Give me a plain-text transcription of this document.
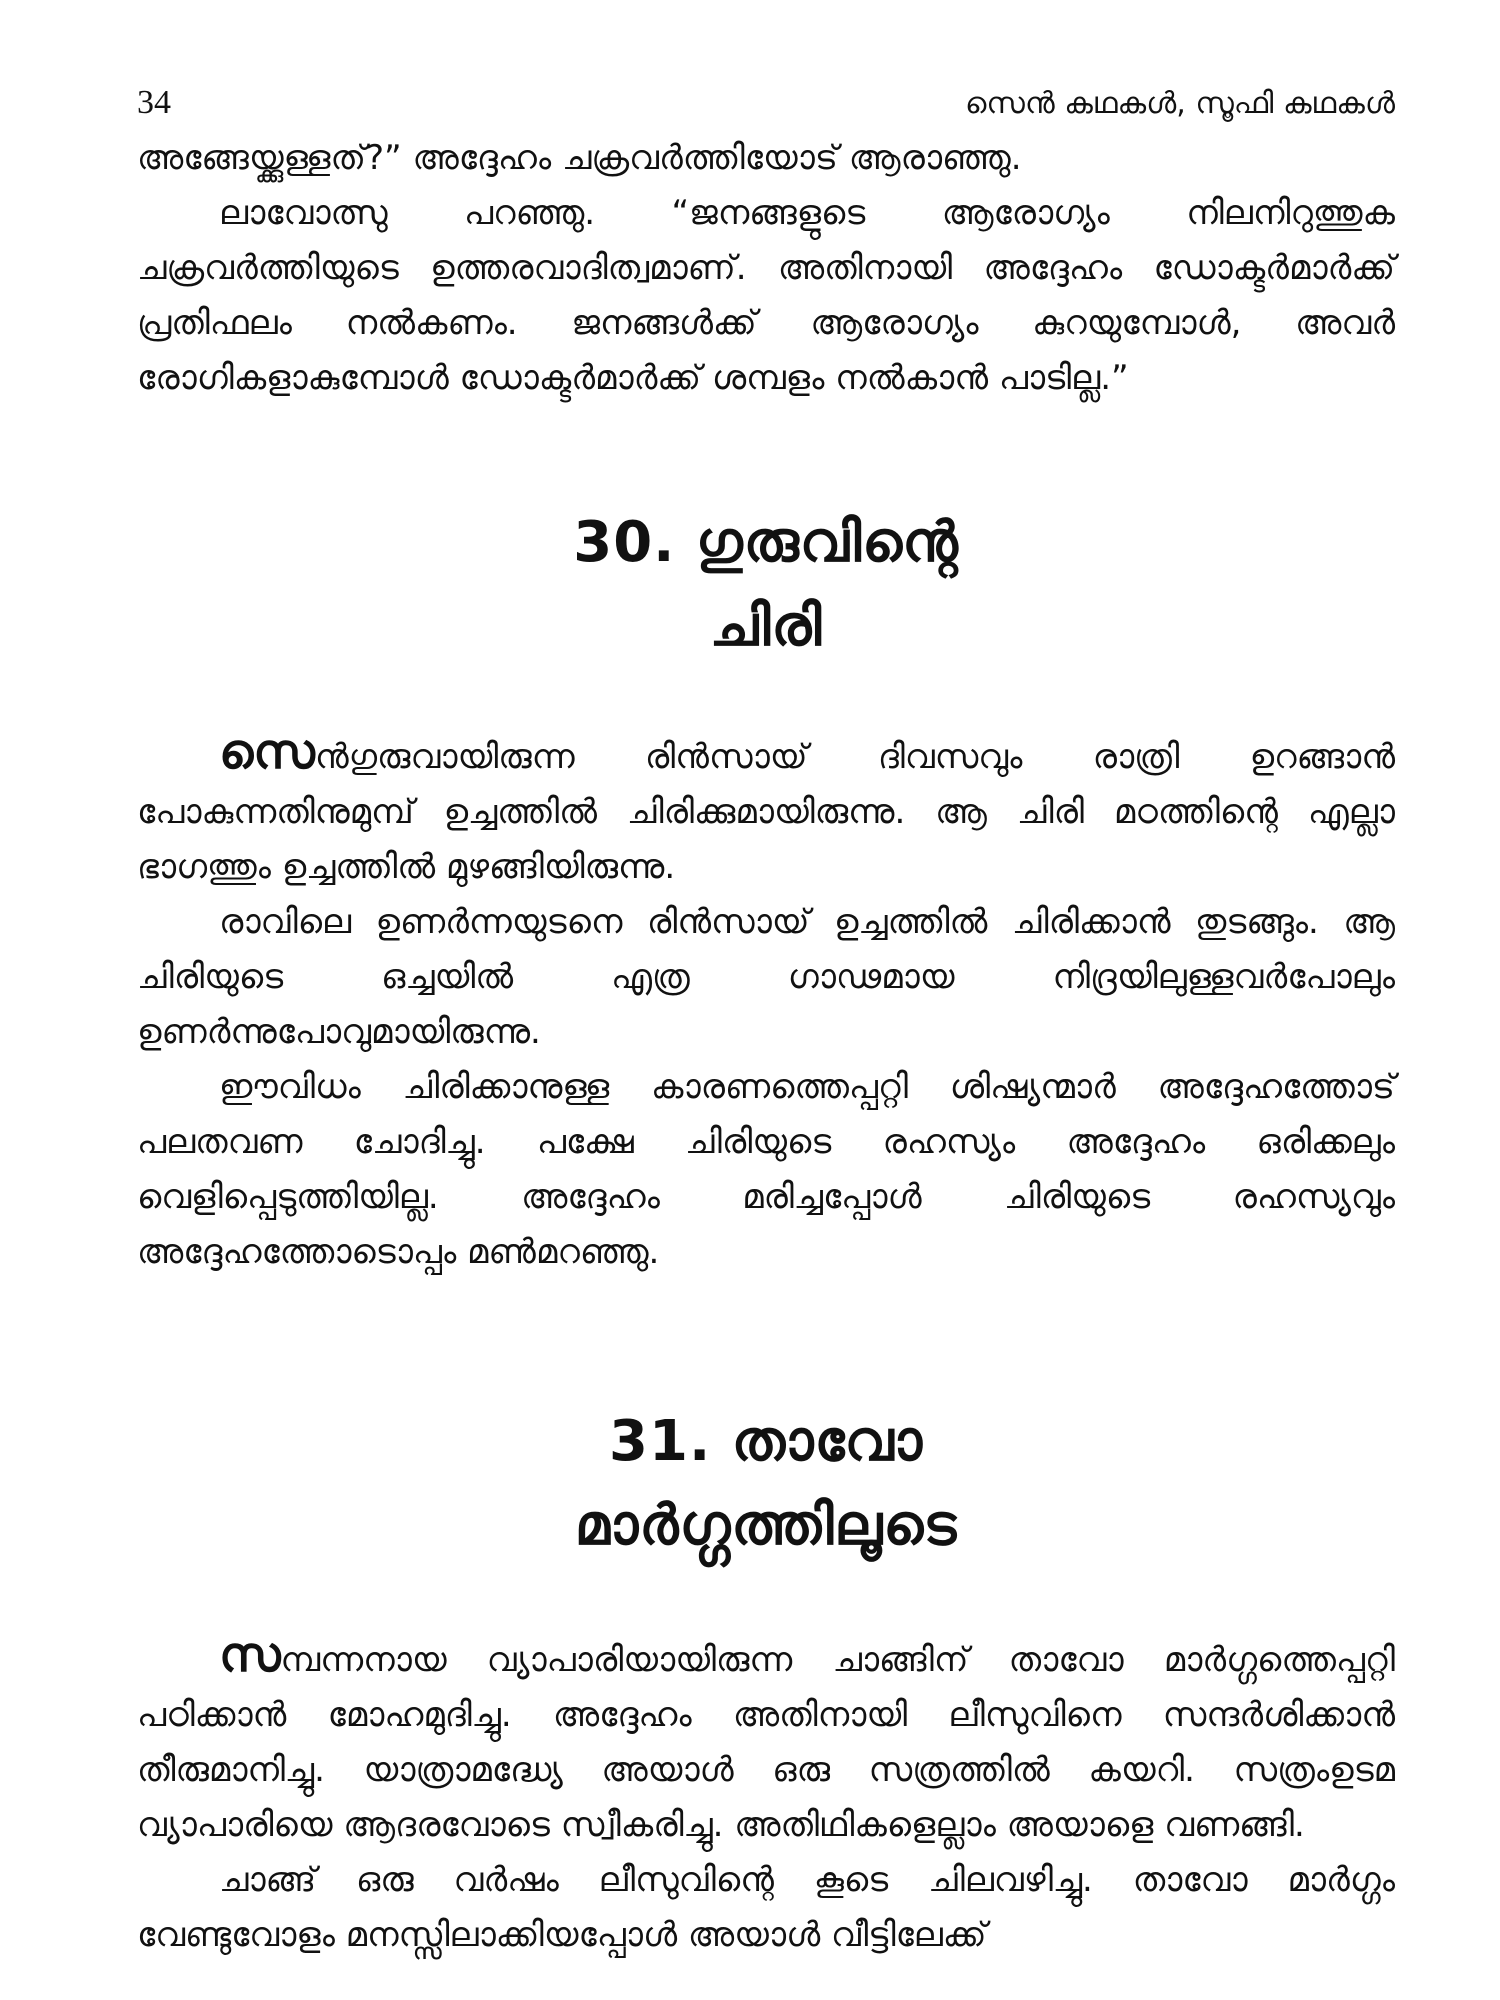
34	സെൻ കഥകൾ, സൂഫി കഥകൾ

അങ്ങേയ്ക്കുള്ളത്?” അദ്ദേഹം ചക്രവർത്തിയോട് ആരാഞ്ഞു.

ലാവോത്സു പറഞ്ഞു. “ജനങ്ങളുടെ ആരോഗ്യം നിലനിറുത്തുക ചക്രവർത്തിയുടെ ഉത്തരവാദിത്വമാണ്. അതിനായി അദ്ദേഹം ഡോക്ടർമാർക്ക് പ്രതിഫലം നൽകണം. ജനങ്ങൾക്ക് ആരോഗ്യം കുറയുമ്പോൾ, അവർ രോഗികളാകുമ്പോൾ ഡോക്ടർമാർക്ക് ശമ്പളം നൽകാൻ പാടില്ല.”

30. ഗുരുവിന്റെ
ചിരി

സെൻഗുരുവായിരുന്ന രിൻസായ് ദിവസവും രാത്രി ഉറങ്ങാൻ പോകുന്നതിനുമുമ്പ് ഉച്ചത്തിൽ ചിരിക്കുമായിരുന്നു. ആ ചിരി മഠത്തിന്റെ എല്ലാ ഭാഗത്തും ഉച്ചത്തിൽ മുഴങ്ങിയിരുന്നു.

രാവിലെ ഉണർന്നയുടനെ രിൻസായ് ഉച്ചത്തിൽ ചിരിക്കാൻ തുടങ്ങും. ആ ചിരിയുടെ ഒച്ചയിൽ എത്ര ഗാഢമായ നിദ്രയിലുള്ളവർപോലും ഉണർന്നുപോവുമായിരുന്നു.

ഈവിധം ചിരിക്കാനുള്ള കാരണത്തെപ്പറ്റി ശിഷ്യന്മാർ അദ്ദേഹത്തോട് പലതവണ ചോദിച്ചു. പക്ഷേ ചിരിയുടെ രഹസ്യം അദ്ദേഹം ഒരിക്കലും വെളിപ്പെടുത്തിയില്ല. അദ്ദേഹം മരിച്ചപ്പോൾ ചിരിയുടെ രഹസ്യവും അദ്ദേഹത്തോടൊപ്പം മൺമറഞ്ഞു.

31. താവോ
മാർഗ്ഗത്തിലൂടെ

സമ്പന്നനായ വ്യാപാരിയായിരുന്ന ചാങ്ങിന് താവോ മാർഗ്ഗത്തെപ്പറ്റി പഠിക്കാൻ മോഹമുദിച്ചു. അദ്ദേഹം അതിനായി ലീസുവിനെ സന്ദർശിക്കാൻ തീരുമാനിച്ചു. യാത്രാമദ്ധ്യേ അയാൾ ഒരു സത്രത്തിൽ കയറി. സത്രംഉടമ വ്യാപാരിയെ ആദരവോടെ സ്വീകരിച്ചു. അതിഥികളെല്ലാം അയാളെ വണങ്ങി.

ചാങ്ങ് ഒരു വർഷം ലീസുവിന്റെ കൂടെ ചിലവഴിച്ചു. താവോ മാർഗ്ഗം വേണ്ടുവോളം മനസ്സിലാക്കിയപ്പോൾ അയാൾ വീട്ടിലേക്ക്
